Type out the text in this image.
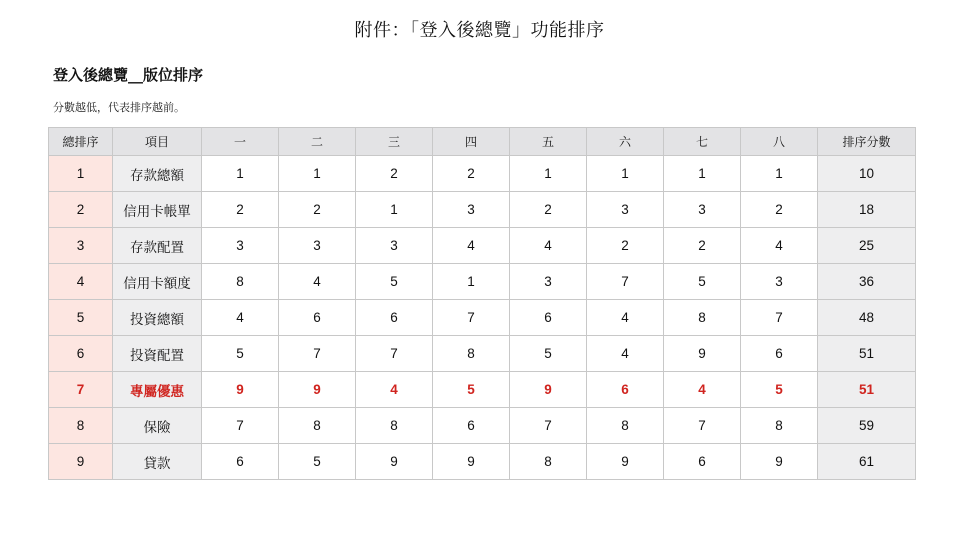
附件：「登入後總覽」功能排序
登入後總覽__版位排序
分數越低，代表排序越前。
總排序	項目	一	二	三	四	五	六	七	八	排序分數
1	存款總額	1	1	2	2	1	1	1	1	10
2	信用卡帳單	2	2	1	3	2	3	3	2	18
3	存款配置	3	3	3	4	4	2	2	4	25
4	信用卡額度	8	4	5	1	3	7	5	3	36
5	投資總額	4	6	6	7	6	4	8	7	48
6	投資配置	5	7	7	8	5	4	9	6	51
7	專屬優惠	9	9	4	5	9	6	4	5	51
8	保險	7	8	8	6	7	8	7	8	59
9	貸款	6	5	9	9	8	9	6	9	61
